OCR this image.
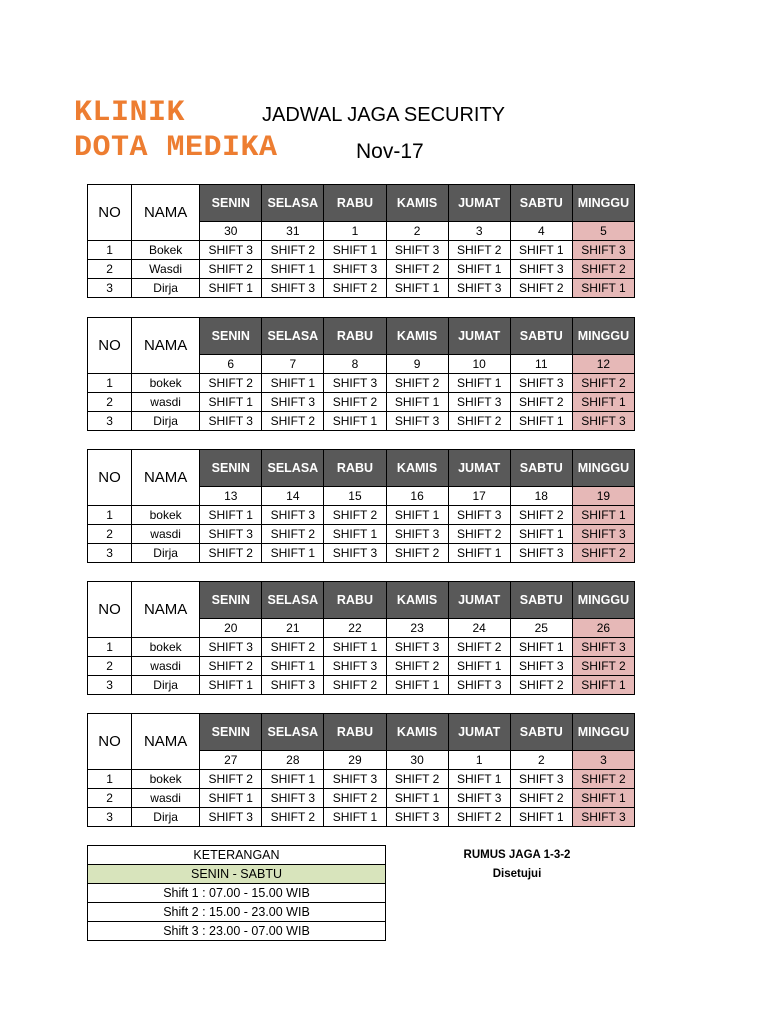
KLINIK
DOTA MEDIKA
JADWAL JAGA SECURITY
Nov-17
NO	NAMA	SENIN	SELASA	RABU	KAMIS	JUMAT	SABTU	MINGGU
		30	31	1	2	3	4	5
1	Bokek	SHIFT 3	SHIFT 2	SHIFT 1	SHIFT 3	SHIFT 2	SHIFT 1	SHIFT 3
2	Wasdi	SHIFT 2	SHIFT 1	SHIFT 3	SHIFT 2	SHIFT 1	SHIFT 3	SHIFT 2
3	Dirja	SHIFT 1	SHIFT 3	SHIFT 2	SHIFT 1	SHIFT 3	SHIFT 2	SHIFT 1
NO	NAMA	SENIN	SELASA	RABU	KAMIS	JUMAT	SABTU	MINGGU
		6	7	8	9	10	11	12
1	bokek	SHIFT 2	SHIFT 1	SHIFT 3	SHIFT 2	SHIFT 1	SHIFT 3	SHIFT 2
2	wasdi	SHIFT 1	SHIFT 3	SHIFT 2	SHIFT 1	SHIFT 3	SHIFT 2	SHIFT 1
3	Dirja	SHIFT 3	SHIFT 2	SHIFT 1	SHIFT 3	SHIFT 2	SHIFT 1	SHIFT 3
NO	NAMA	SENIN	SELASA	RABU	KAMIS	JUMAT	SABTU	MINGGU
		13	14	15	16	17	18	19
1	bokek	SHIFT 1	SHIFT 3	SHIFT 2	SHIFT 1	SHIFT 3	SHIFT 2	SHIFT 1
2	wasdi	SHIFT 3	SHIFT 2	SHIFT 1	SHIFT 3	SHIFT 2	SHIFT 1	SHIFT 3
3	Dirja	SHIFT 2	SHIFT 1	SHIFT 3	SHIFT 2	SHIFT 1	SHIFT 3	SHIFT 2
NO	NAMA	SENIN	SELASA	RABU	KAMIS	JUMAT	SABTU	MINGGU
		20	21	22	23	24	25	26
1	bokek	SHIFT 3	SHIFT 2	SHIFT 1	SHIFT 3	SHIFT 2	SHIFT 1	SHIFT 3
2	wasdi	SHIFT 2	SHIFT 1	SHIFT 3	SHIFT 2	SHIFT 1	SHIFT 3	SHIFT 2
3	Dirja	SHIFT 1	SHIFT 3	SHIFT 2	SHIFT 1	SHIFT 3	SHIFT 2	SHIFT 1
NO	NAMA	SENIN	SELASA	RABU	KAMIS	JUMAT	SABTU	MINGGU
		27	28	29	30	1	2	3
1	bokek	SHIFT 2	SHIFT 1	SHIFT 3	SHIFT 2	SHIFT 1	SHIFT 3	SHIFT 2
2	wasdi	SHIFT 1	SHIFT 3	SHIFT 2	SHIFT 1	SHIFT 3	SHIFT 2	SHIFT 1
3	Dirja	SHIFT 3	SHIFT 2	SHIFT 1	SHIFT 3	SHIFT 2	SHIFT 1	SHIFT 3
KETERANGAN
SENIN - SABTU
Shift 1 : 07.00 - 15.00 WIB
Shift 2 : 15.00 - 23.00 WIB
Shift 3 : 23.00 - 07.00 WIB
RUMUS JAGA 1-3-2
Disetujui
